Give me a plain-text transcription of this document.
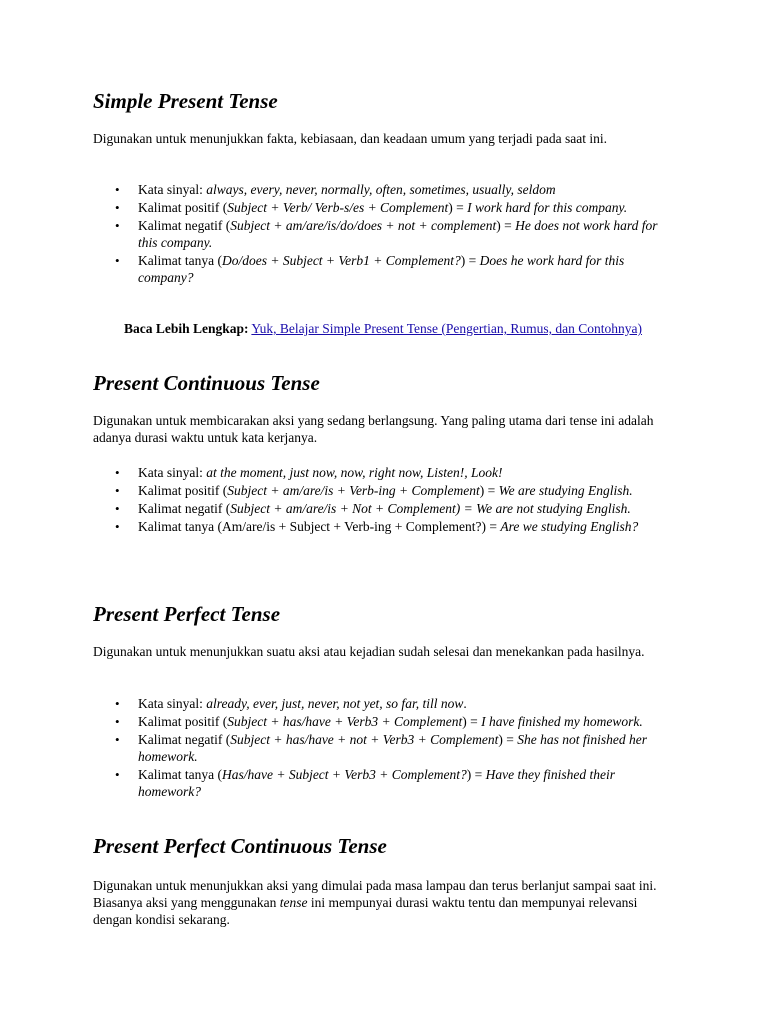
Simple Present Tense

Digunakan untuk menunjukkan fakta, kebiasaan, dan keadaan umum yang terjadi pada saat ini.

• Kata sinyal: always, every, never, normally, often, sometimes, usually, seldom
• Kalimat positif (Subject + Verb/ Verb-s/es + Complement) = I work hard for this company.
• Kalimat negatif (Subject + am/are/is/do/does + not + complement) = He does not work hard for this company.
• Kalimat tanya (Do/does + Subject + Verb1 + Complement?) = Does he work hard for this company?

Baca Lebih Lengkap: Yuk, Belajar Simple Present Tense (Pengertian, Rumus, dan Contohnya)

Present Continuous Tense

Digunakan untuk membicarakan aksi yang sedang berlangsung. Yang paling utama dari tense ini adalah adanya durasi waktu untuk kata kerjanya.

• Kata sinyal: at the moment, just now, now, right now, Listen!, Look!
• Kalimat positif (Subject + am/are/is + Verb-ing + Complement) = We are studying English.
• Kalimat negatif (Subject + am/are/is + Not + Complement) = We are not studying English.
• Kalimat tanya (Am/are/is + Subject + Verb-ing + Complement?) = Are we studying English?
Present Perfect Tense

Digunakan untuk menunjukkan suatu aksi atau kejadian sudah selesai dan menekankan pada hasilnya.

• Kata sinyal: already, ever, just, never, not yet, so far, till now.
• Kalimat positif (Subject + has/have + Verb3 + Complement) = I have finished my homework.
• Kalimat negatif (Subject + has/have + not + Verb3 + Complement) = She has not finished her homework.
• Kalimat tanya (Has/have + Subject + Verb3 + Complement?) = Have they finished their homework?
Present Perfect Continuous Tense

Digunakan untuk menunjukkan aksi yang dimulai pada masa lampau dan terus berlanjut sampai saat ini. Biasanya aksi yang menggunakan tense ini mempunyai durasi waktu tentu dan mempunyai relevansi dengan kondisi sekarang.
